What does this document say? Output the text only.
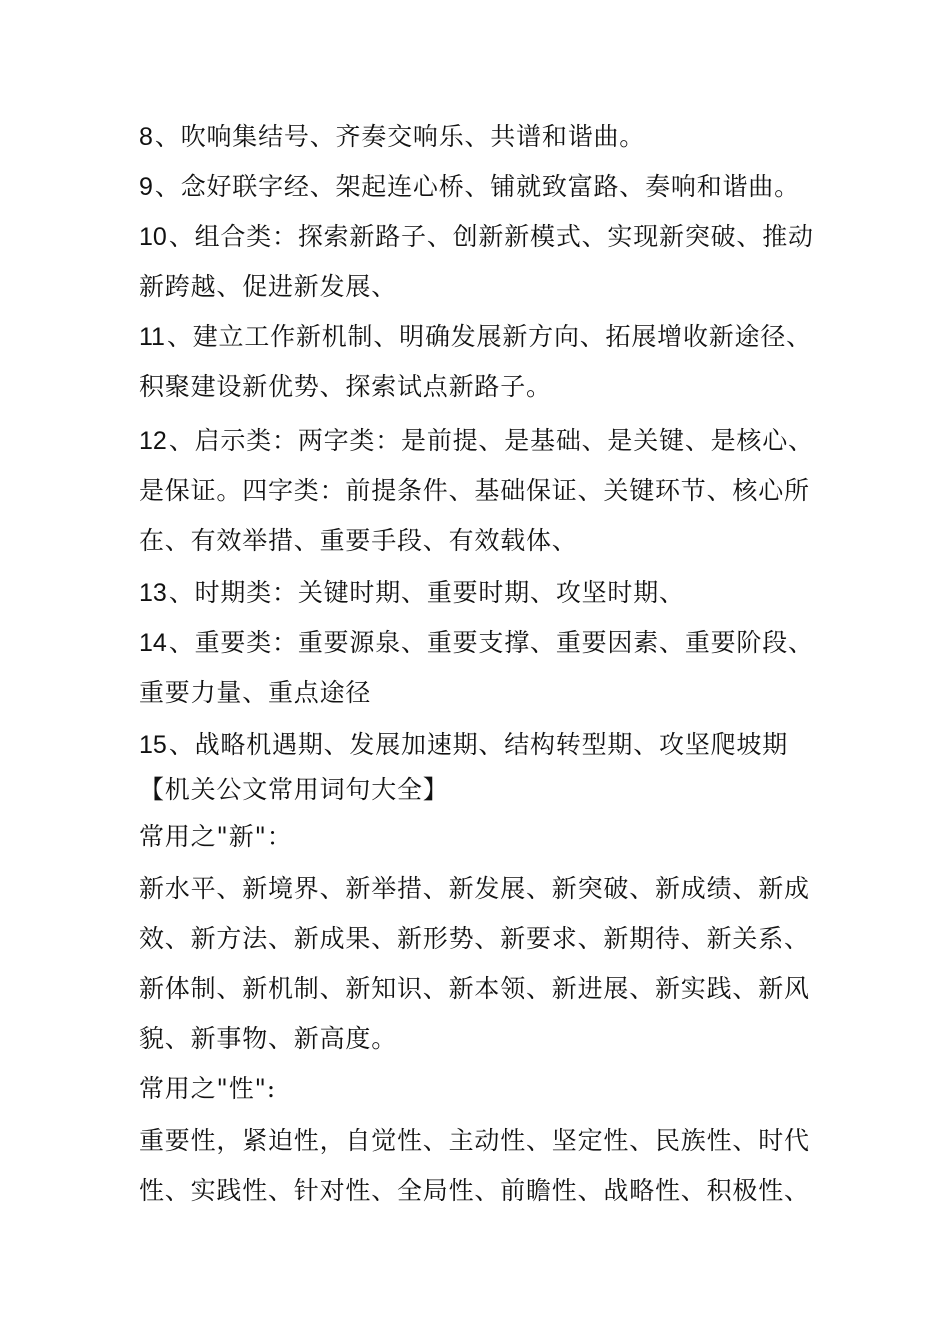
8、吹响集结号、齐奏交响乐、共谱和谐曲。

9、念好联字经、架起连心桥、铺就致富路、奏响和谐曲。

10、组合类：探索新路子、创新新模式、实现新突破、推动
新跨越、促进新发展、

11、建立工作新机制、明确发展新方向、拓展增收新途径、
积聚建设新优势、探索试点新路子。

12、启示类：两字类：是前提、是基础、是关键、是核心、
是保证。四字类：前提条件、基础保证、关键环节、核心所
在、有效举措、重要手段、有效载体、

13、时期类：关键时期、重要时期、攻坚时期、

14、重要类：重要源泉、重要支撑、重要因素、重要阶段、
重要力量、重点途径

15、战略机遇期、发展加速期、结构转型期、攻坚爬坡期

【机关公文常用词句大全】

常用之"新"：

新水平、新境界、新举措、新发展、新突破、新成绩、新成
效、新方法、新成果、新形势、新要求、新期待、新关系、
新体制、新机制、新知识、新本领、新进展、新实践、新风
貌、新事物、新高度。

常用之"性":

重要性，紧迫性，自觉性、主动性、坚定性、民族性、时代
性、实践性、针对性、全局性、前瞻性、战略性、积极性、
